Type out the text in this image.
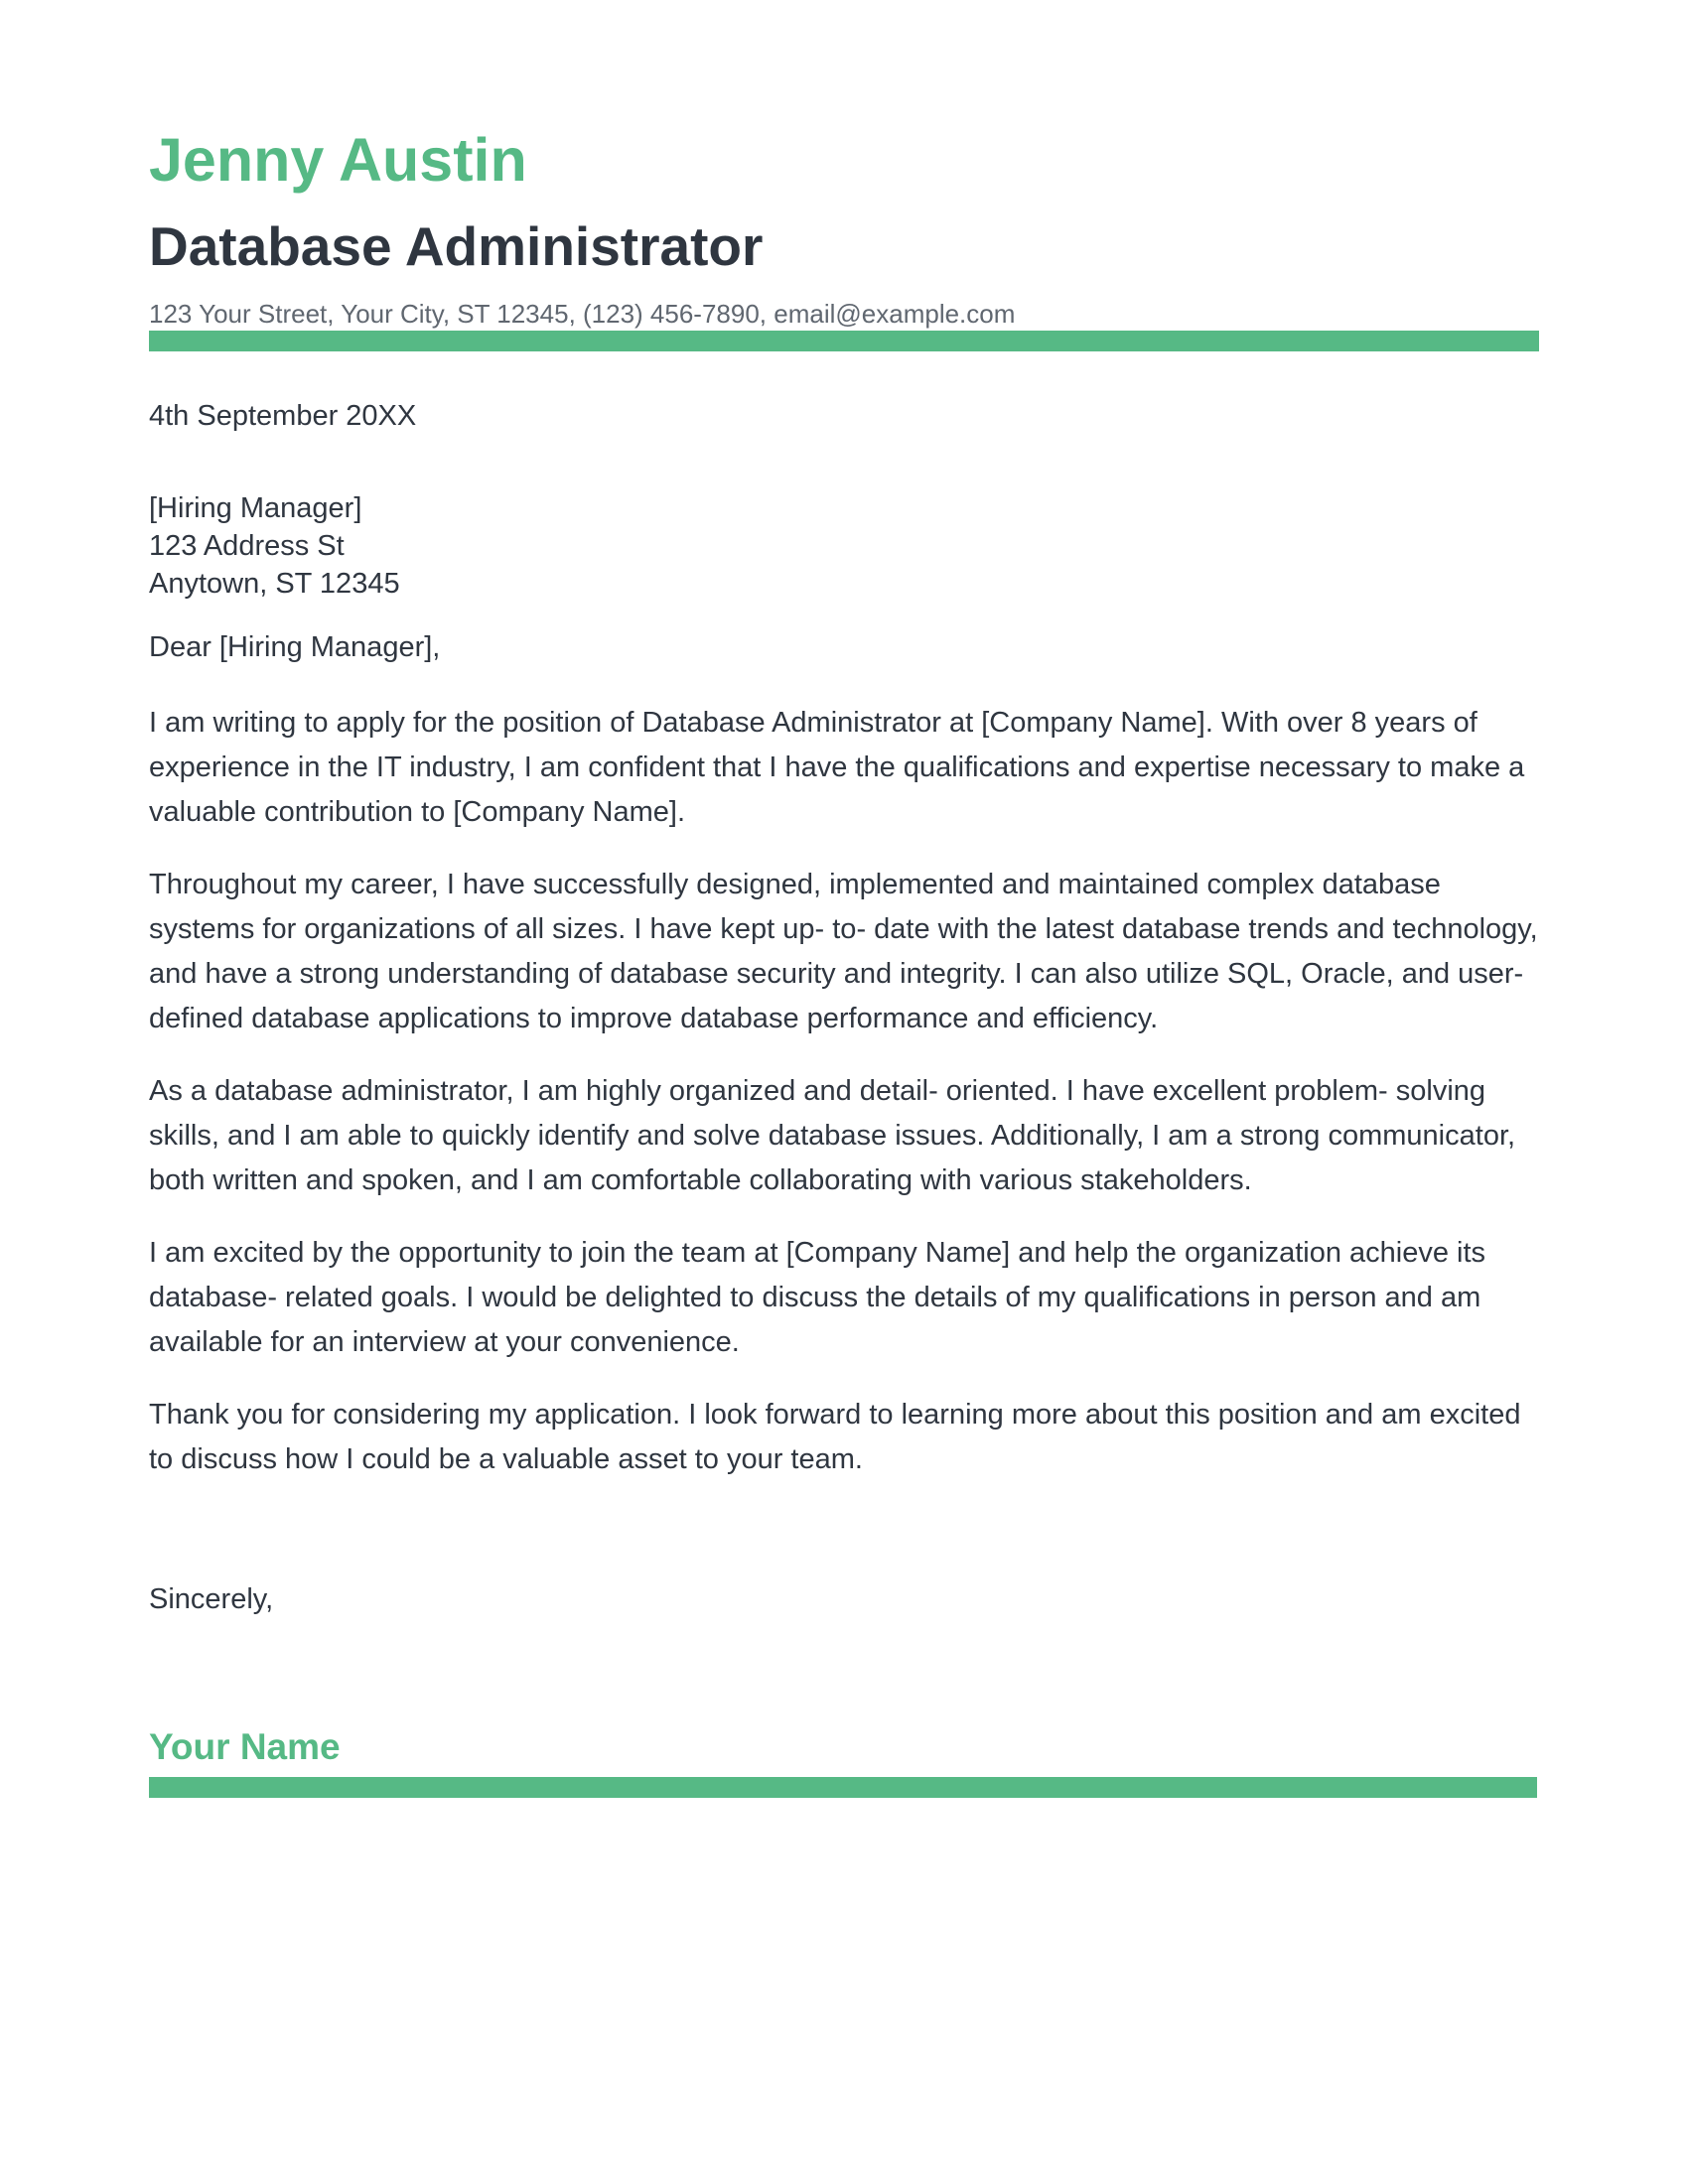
Jenny Austin
Database Administrator
123 Your Street, Your City, ST 12345, (123) 456-7890, email@example.com
4th September 20XX
[Hiring Manager]
123 Address St
Anytown, ST 12345
Dear [Hiring Manager],

I am writing to apply for the position of Database Administrator at [Company Name]. With over 8 years of experience in the IT industry, I am confident that I have the qualifications and expertise necessary to make a valuable contribution to [Company Name].

Throughout my career, I have successfully designed, implemented and maintained complex database systems for organizations of all sizes. I have kept up- to- date with the latest database trends and technology, and have a strong understanding of database security and integrity. I can also utilize SQL, Oracle, and user- defined database applications to improve database performance and efficiency.

As a database administrator, I am highly organized and detail- oriented. I have excellent problem- solving skills, and I am able to quickly identify and solve database issues. Additionally, I am a strong communicator, both written and spoken, and I am comfortable collaborating with various stakeholders.

I am excited by the opportunity to join the team at [Company Name] and help the organization achieve its database- related goals. I would be delighted to discuss the details of my qualifications in person and am available for an interview at your convenience.

Thank you for considering my application. I look forward to learning more about this position and am excited to discuss how I could be a valuable asset to your team.

Sincerely,
Your Name
